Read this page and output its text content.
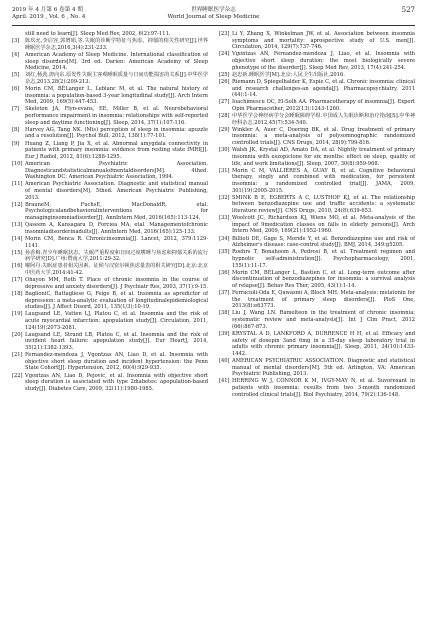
2019 年 4 月第 6 卷第 4 期
April. 2019 , Vol. 6 , No. 4
世界睡眠医学杂志
World Journal of Sleep Medicine
527
still need to learn[J]. Sleep Med Rev, 2002, 6(2):97-111.
[3]	陈玖允,李启容,郭增娟,等.失眠的诊断学特征与焦虑、抑郁的相关性研究[J].世界睡眠医学杂志,2016,3(4):231-233.
[4]	American Academy of Sleep Medicine. International classification of sleep disorders[M]. 3rd ed. Darien: American Academy of Sleep Medicine, 2014.
[5]	刘红,杨劲,唐向东.原发性失眠主客观睡眠质量与日间功能损害的关系[J].中华医学杂志,2013,28(2):209-213.
[6]	Morin CM, BÉLanger L, Leblanc M, et al. The natural history of insomnia: a population-based 3-year longitudinal study[J]. Arch Intern Med, 2009, 169(5):447-453.
[7]	Skeleton JA, Flyn-evans, EE, Miller B, et al. Neurobehavioral performance impairment in insomnia: relationships with self-reported sleep and daytime functioning[J]. Sleep, 2014, 37(1):107-116.
[8]	Harvey AG, Tang NK. (Mis) perception of sleep in insomnia: apuzzle and a resolution[J]. Psychol Bull, 2012, 138(1):77-101.
[9]	Huang Z, Liang P, Jia X, et al. Abnormal amygdala connectivity in patients with primary insomnia: evidence from resting state fMRI[J]. Eur J Radiol, 2012, 81(6):1288-1295.
[10] American Psychiatric Association. Diagnosticandstatisticalmanualofmentaldisorders[M]. 4thed. Washington DC: American Psychiatric Association, 1994.
[11] American Psychiatric Association. Diagnostic and statistical manual of mental disorders[M]. 5thed. American Psychiatric Publishing, 2013.
[12] BrauneM, FuchsE, MacDonaldR, etal. Psychologicalandbehavioralinterventions for managinginsomniadisorder[J]. AnnIntern Med, 2016(165):113-124.
[13] Qaseem A, Kansagara D, Forciea MA, etal. Managementofchronic insomniadisorderinadults[J]. AnnIntern Med, 2016(165):125-133.
[14] Morin CM, Benca R. Chronicinsomnia[J]. Lancet, 2012, 379:1129-1141.
[15] 孙香梅.青少年睡眠状态、失眠严重程度和日间过度嗜睡与焦虑和抑郁关系的流行病学研究[D].广州:暨南大学,2011:29-32.
[16] 曜阿丹.失眠症患者相关因素、证候与汉密尔顿焦虑量表的相关研究[D].北京:北京中医药大学,2014:41-42.
[17] Ohayon MM, Roth T. Place of chronic insomnia in the course of depressive and anxiety disorders[J]. J Psychiatr Res, 2003, 37(1):9-15.
[18] BaglioniC, Battagliese G, Feige B, et al. Insomnia as apredictor of depression: a meta-analytic evaluation of longitudinalepidemiological studies[J]. J Affect Disord, 2011, 135(1/3):10-19.
[19] Laugsand LE, Vatten LJ, Platou C, et al. Insomnia and the risk of acute myocardial infarction: apopulation study[J]. Circulation, 2011, 124(19):2073-2081.
[20] Laugsand LE, Strand LB, Platou C, et al. Insomnia and the risk of incident heart failure: apopulation study[J]. Eur HeartJ, 2014, 35(21):1382-1393.
[21] Fernandez-mendoza J, Vgontzas AN, Liao D, et al. Insomnia with objective short sleep duration and incident hypertension: the Penn State Cohort[J]. Hypertension, 2012, 60(4):929-935.
[22] Vgontzas AN, Liao D, Pejovic, et al. Insomnia with objective short sleep duration is associated with type 2diabetes: apopulation-based study[J]. Diabetes Care, 2009, 32(11):1980-1985.
[23] Li Y, Zhang X, Winkelman JW, et al. Association between insomnia symptoms and mortality: aprospective study of U.S. men[J]. Circulation, 2014, 129(7):737-746.
[24] Vgontzas AN, Fernandez-mendoza J, Liao, et al. Insomnia with objective short sleep duration: the most biologically severe phenotype of the disorder[J]. Sleep Med Rev, 2013, 17(4):241-254.
[25] 赵忠新.睡眠医学[M].北京:人民卫生出版社,2016.
[26] Riemann D, Spiegelhalder K, Espie C, et al. Chronic insomnia: clinical and research challenges-an agenda[J]. Pharmacopsychiatry, 2011 (44):1-14.
[27] Ioachimescu OC, El-Solh AA. Pharmacotherapy of insomnia[J]. Expert Opin Pharmacother, 2012(13):1243-1260.
[28] 中华医学会神经病学分会睡眠障碍学组.中国成人失眠诊断和治疗指南[S].中华神经科杂志,2012,45(7):534-540.
[29] Winkler A, Auer C, Doering BK, et al. Drug treatment of primary insomnia: a meta-analysis of polysomnographic randomized controlled trials[J]. CNS Drugs, 2014, 28(9):799-816.
[30] Walsh JK, Krystal AD, Amato DA, et al. Nightly treatment of primary insomnia with eszopiclone for six months: effect on sleep, quality of life, and work limitations[J]. Sleep, 2007, 30(8):959-968.
[31] Morin C M, VALLIÈRES A, GUAY B, et al. Cognitive behavioral therapy, singly and combined with medication, for persistent insomnia: a randomized controlled trial[J]. JAMA, 2009, 301(19):2005-2015.
[32] SMINK B E, EGBERTS A C, LUSTHOF KJ, et al. The relationship between benzodiazepine use and traffic accidents: a systematic literature review[J]. CNS Drugs, 2010, 24(8):639-653.
[33] Woolcott JC, Richardson KJ, Wiens MO, et al. Meta-analysis of the impact of 9medication classes on falls in elderly persons[J]. Arch Intern Med, 2009, 169(21):1952-1960.
[34] Billioti DE, Gage S, Moride Y, et al. Benzodiazepine use and risk of Alzheimer's disease: case-control study[J]. BMJ, 2014, 349:g5205.
[35] Roehrs T, Bonahoom A, Pedrosi B, et al. Treatment regimen and hypnotic self-administration[J]. Psychopharmacology, 2001, 155(1):11-17.
[36] Morin CM, BÉLanger L, Bastien C, et al. Long-term outcome after discontinuation of benzodiazepines for insomnia: a survival analysis of relapse[J]. Behav Res Ther, 2005, 43(1):1-14.
[37] Ferracioli-Oda E, Qawasmi A, Bloch MH. Meta-analysis: melatonin for the treatment of primary sleep disorders[J]. PloS One, 2013(8):e63773.
[38] Liu J, Wang LN. Ramelteon in the treatment of chronic insomnia: systematic review and meta-analysis[J]. Int J Clin Pract, 2012 (66):867-873.
[39] KRYSTAL A D, LANKFORD A, DURRENCE H H, et al. Efficacy and safety of doxepin 3and 6mg in a 35-day sleep laboratory trial in adults with chronic primary insomnia[J]. Sleep, 2011, 34(10):1433-1442.
[40] AMERICAN PSYCHIATRIC ASSOCIATION. Diagnostic and statistical manual of mental disorders[M]. 5th ed. Arlington, VA: American Psychiatric Publishing, 2013.
[41] HERRING W J, CONNOR K M, IVGY-MAY N, et al. Suvorexant in patients with insomnia: results from two 3-month randomized controlled clinical trials[J]. Biol Psychiatry, 2014, 79(2):136-148.
